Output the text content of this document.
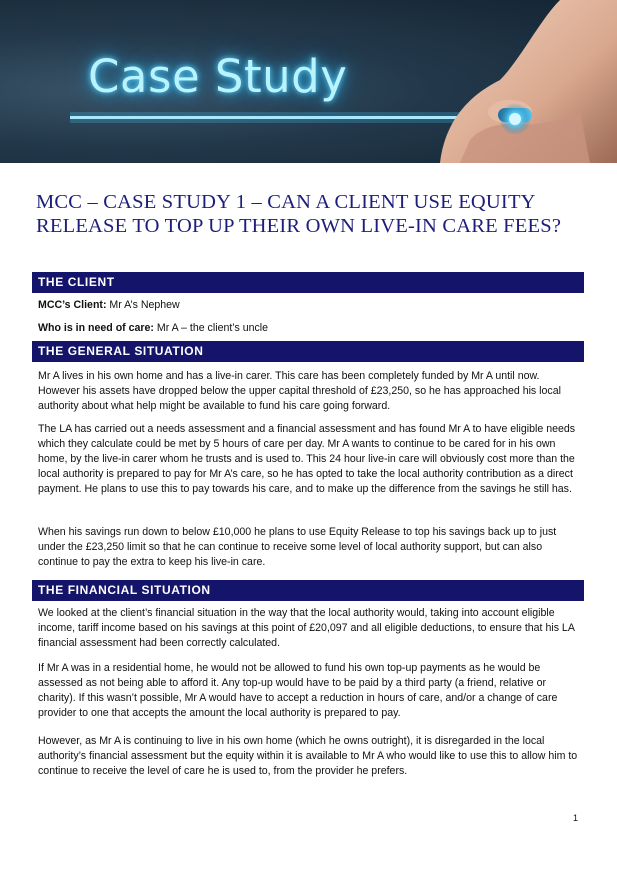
Case Study
MCC – CASE STUDY 1 – CAN A CLIENT USE EQUITY RELEASE TO TOP UP THEIR OWN LIVE-IN CARE FEES?
THE CLIENT
MCC’s Client: Mr A’s Nephew
Who is in need of care: Mr A – the client’s uncle
THE GENERAL SITUATION

Mr A lives in his own home and has a live-in carer. This care has been completely funded by Mr A until now. However his assets have dropped below the upper capital threshold of £23,250, so he has approached his local authority about what help might be available to fund his care going forward.

The LA has carried out a needs assessment and a financial assessment and has found Mr A to have eligible needs which they calculate could be met by 5 hours of care per day. Mr A wants to continue to be cared for in his own home, by the live-in carer whom he trusts and is used to. This 24 hour live-in care will obviously cost more than the local authority is prepared to pay for Mr A’s care, so he has opted to take the local authority contribution as a direct payment. He plans to use this to pay towards his care, and to make up the difference from the savings he still has.

When his savings run down to below £10,000 he plans to use Equity Release to top his savings back up to just under the £23,250 limit so that he can continue to receive some level of local authority support, but can also continue to pay the extra to keep his live-in care.

THE FINANCIAL SITUATION

We looked at the client’s financial situation in the way that the local authority would, taking into account eligible income, tariff income based on his savings at this point of £20,097 and all eligible deductions, to ensure that his LA financial assessment had been correctly calculated.

If Mr A was in a residential home, he would not be allowed to fund his own top-up payments as he would be assessed as not being able to afford it. Any top-up would have to be paid by a third party (a friend, relative or charity). If this wasn’t possible, Mr A would have to accept a reduction in hours of care, and/or a change of care provider to one that accepts the amount the local authority is prepared to pay.

However, as Mr A is continuing to live in his own home (which he owns outright), it is disregarded in the local authority’s financial assessment but the equity within it is available to Mr A who would like to use this to allow him to continue to receive the level of care he is used to, from the provider he prefers.

1
